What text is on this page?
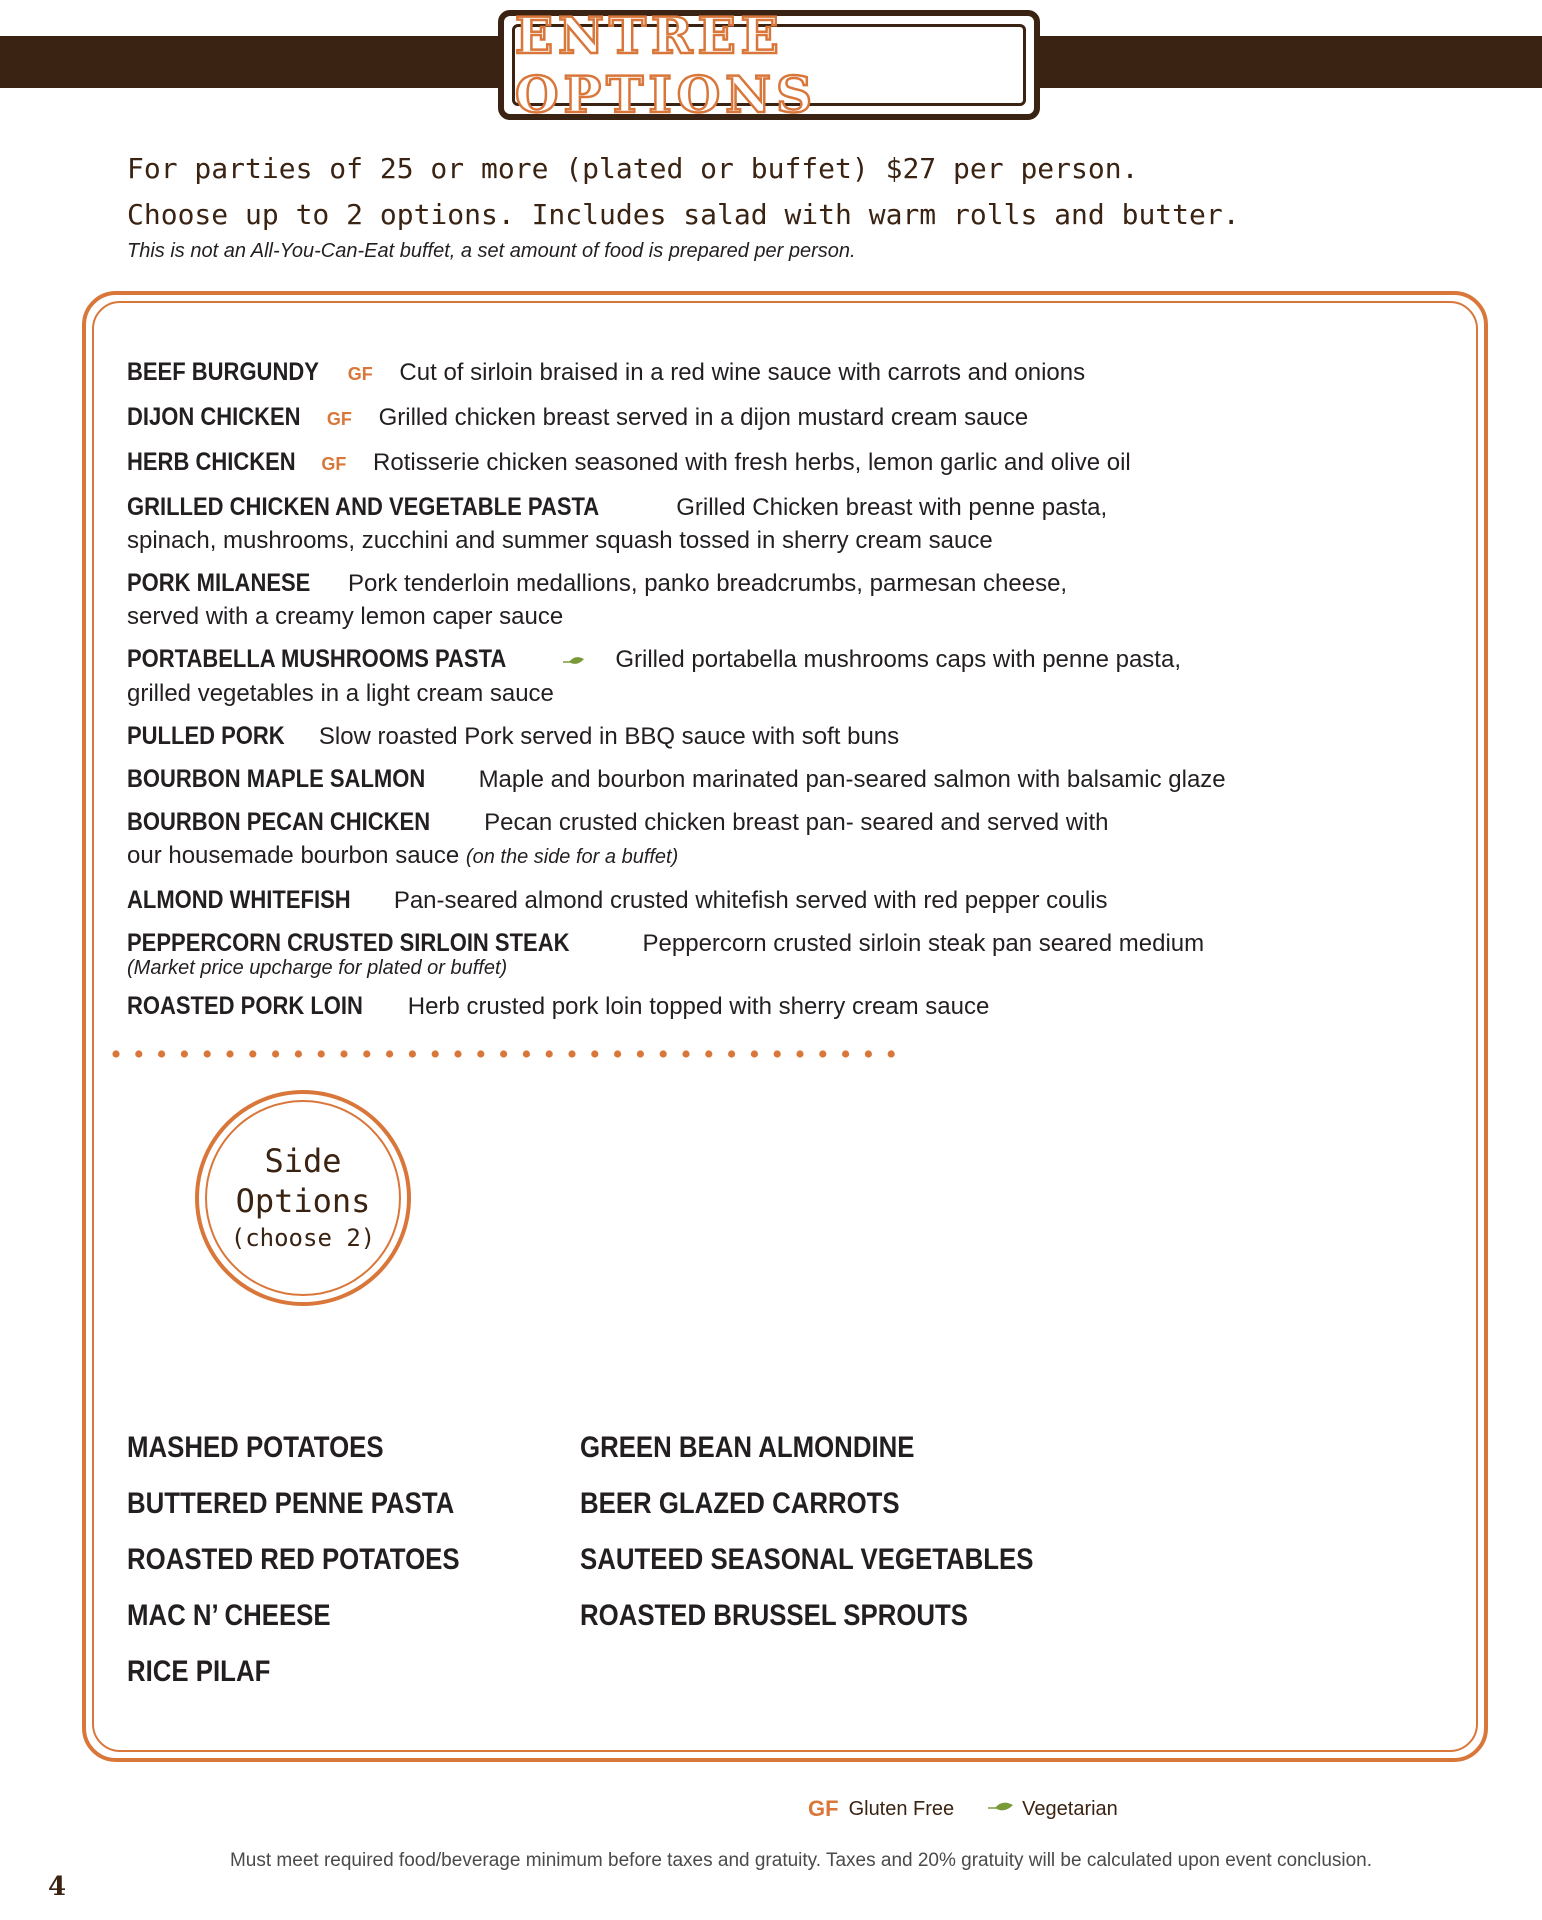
ENTREE OPTIONS
For parties of 25 or more (plated or buffet) $27 per person.
Choose up to 2 options. Includes salad with warm rolls and butter.
This is not an All-You-Can-Eat buffet, a set amount of food is prepared per person.
BEEF BURGUNDY GF Cut of sirloin braised in a red wine sauce with carrots and onions
DIJON CHICKEN GF Grilled chicken breast served in a dijon mustard cream sauce
HERB CHICKEN GF Rotisserie chicken seasoned with fresh herbs, lemon garlic and olive oil
GRILLED CHICKEN AND VEGETABLE PASTA	Grilled Chicken breast with penne pasta,
spinach, mushrooms, zucchini and summer squash tossed in sherry cream sauce
PORK MILANESE Pork tenderloin medallions, panko breadcrumbs, parmesan cheese,
served with a creamy lemon caper sauce
PORTABELLA MUSHROOMS PASTA	Grilled portabella mushrooms caps with penne pasta,
grilled vegetables in a light cream sauce
PULLED PORK Slow roasted Pork served in BBQ sauce with soft buns
BOURBON MAPLE SALMON Maple and bourbon marinated pan-seared salmon with balsamic glaze
BOURBON PECAN CHICKEN Pecan crusted chicken breast pan- seared and served with
our housemade bourbon sauce (on the side for a buffet)
ALMOND WHITEFISH Pan-seared almond crusted whitefish served with red pepper coulis
PEPPERCORN CRUSTED SIRLOIN STEAK	Peppercorn crusted sirloin steak pan seared medium
(Market price upcharge for plated or buffet)
ROASTED PORK LOIN Herb crusted pork loin topped with sherry cream sauce
Side
Options
(choose 2)
MASHED POTATOES
BUTTERED PENNE PASTA
ROASTED RED POTATOES
MAC N’ CHEESE
RICE PILAF
GREEN BEAN ALMONDINE
BEER GLAZED CARROTS
SAUTEED SEASONAL VEGETABLES
ROASTED BRUSSEL SPROUTS
GF Gluten Free	Vegetarian
Must meet required food/beverage minimum before taxes and gratuity. Taxes and 20% gratuity will be calculated upon event conclusion.
4
